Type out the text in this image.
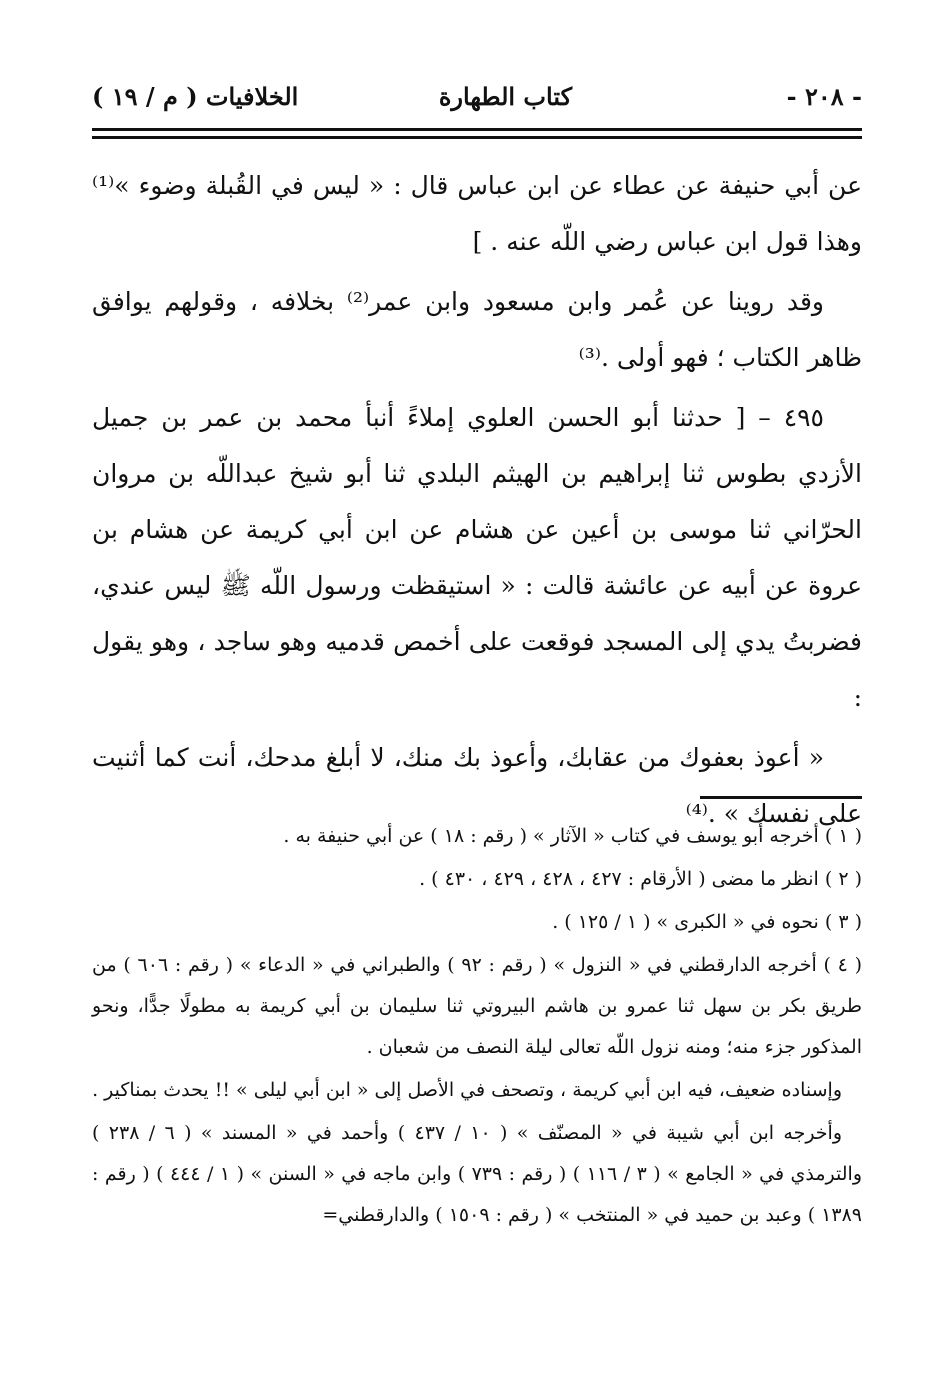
- ٢٠٨ -
كتاب الطهارة
الخلافيات ( م / ١٩ )

عن أبي حنيفة عن عطاء عن ابن عباس قال : « ليس في القُبلة وضوء »⁽¹⁾ وهذا قول ابن عباس رضي اللّه عنه . ]

وقد روينا عن عُمر وابن مسعود وابن عمر⁽²⁾ بخلافه ، وقولهم يوافق ظاهر الكتاب ؛ فهو أولى .⁽³⁾

٤٩٥ – [ حدثنا أبو الحسن العلوي إملاءً أنبأ محمد بن عمر بن جميل الأزدي بطوس ثنا إبراهيم بن الهيثم البلدي ثنا أبو شيخ عبداللّه بن مروان الحرّاني ثنا موسى بن أعين عن هشام عن ابن أبي كريمة عن هشام بن عروة عن أبيه عن عائشة قالت : « استيقظت ورسول اللّه ﷺ ليس عندي، فضربتُ يدي إلى المسجد فوقعت على أخمص قدميه وهو ساجد ، وهو يقول :

« أعوذ بعفوك من عقابك، وأعوذ بك منك، لا أبلغ مدحك، أنت كما أثنيت على نفسك » .⁽⁴⁾

( ١ ) أخرجه أبو يوسف في كتاب « الآثار » ( رقم : ١٨ ) عن أبي حنيفة به .

( ٢ ) انظر ما مضى ( الأرقام : ٤٢٧ ، ٤٢٨ ، ٤٢٩ ، ٤٣٠ ) .

( ٣ ) نحوه في « الكبرى » ( ١ / ١٢٥ ) .

( ٤ ) أخرجه الدارقطني في « النزول » ( رقم : ٩٢ ) والطبراني في « الدعاء » ( رقم : ٦٠٦ ) من طريق بكر بن سهل ثنا عمرو بن هاشم البيروتي ثنا سليمان بن أبي كريمة به مطولًا جدًّا، ونحو المذكور جزء منه؛ ومنه نزول اللّه تعالى ليلة النصف من شعبان .

وإسناده ضعيف، فيه ابن أبي كريمة ، وتصحف في الأصل إلى « ابن أبي ليلى » !! يحدث بمناكير .

وأخرجه ابن أبي شيبة في « المصنّف » ( ١٠ / ٤٣٧ ) وأحمد في « المسند » ( ٦ / ٢٣٨ ) والترمذي في « الجامع » ( ٣ / ١١٦ ) ( رقم : ٧٣٩ ) وابن ماجه في « السنن » ( ١ / ٤٤٤ ) ( رقم : ١٣٨٩ ) وعبد بن حميد في « المنتخب » ( رقم : ١٥٠٩ ) والدارقطني=
